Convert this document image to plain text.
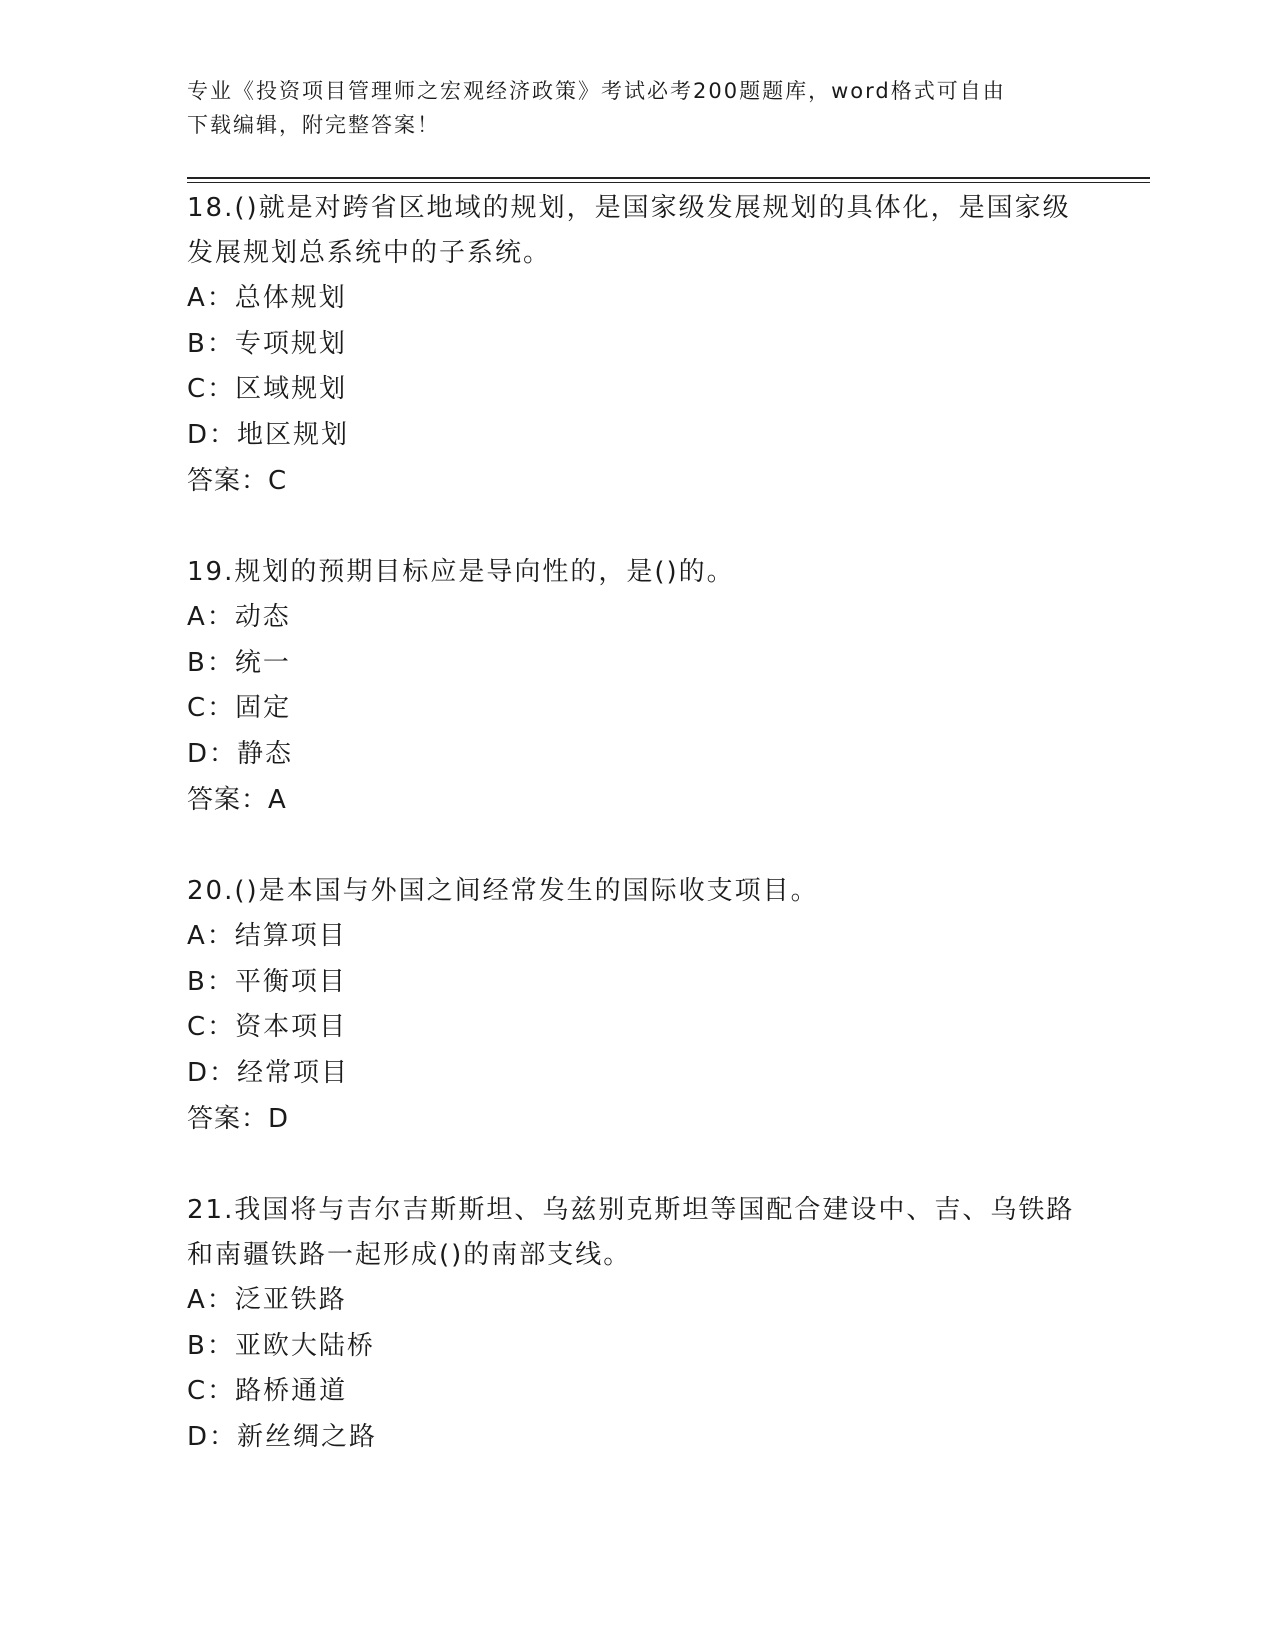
专业《投资项目管理师之宏观经济政策》考试必考200题题库，word格式可自由
下载编辑，附完整答案！

18.()就是对跨省区地域的规划，是国家级发展规划的具体化，是国家级发展规划总系统中的子系统。

A：总体规划

B：专项规划

C：区域规划

D：地区规划

答案：C

19.规划的预期目标应是导向性的，是()的。

A：动态

B：统一

C：固定

D：静态

答案：A

20.()是本国与外国之间经常发生的国际收支项目。

A：结算项目

B：平衡项目

C：资本项目

D：经常项目

答案：D

21.我国将与吉尔吉斯斯坦、乌兹别克斯坦等国配合建设中、吉、乌铁路和南疆铁路一起形成()的南部支线。

A：泛亚铁路

B：亚欧大陆桥

C：路桥通道

D：新丝绸之路
